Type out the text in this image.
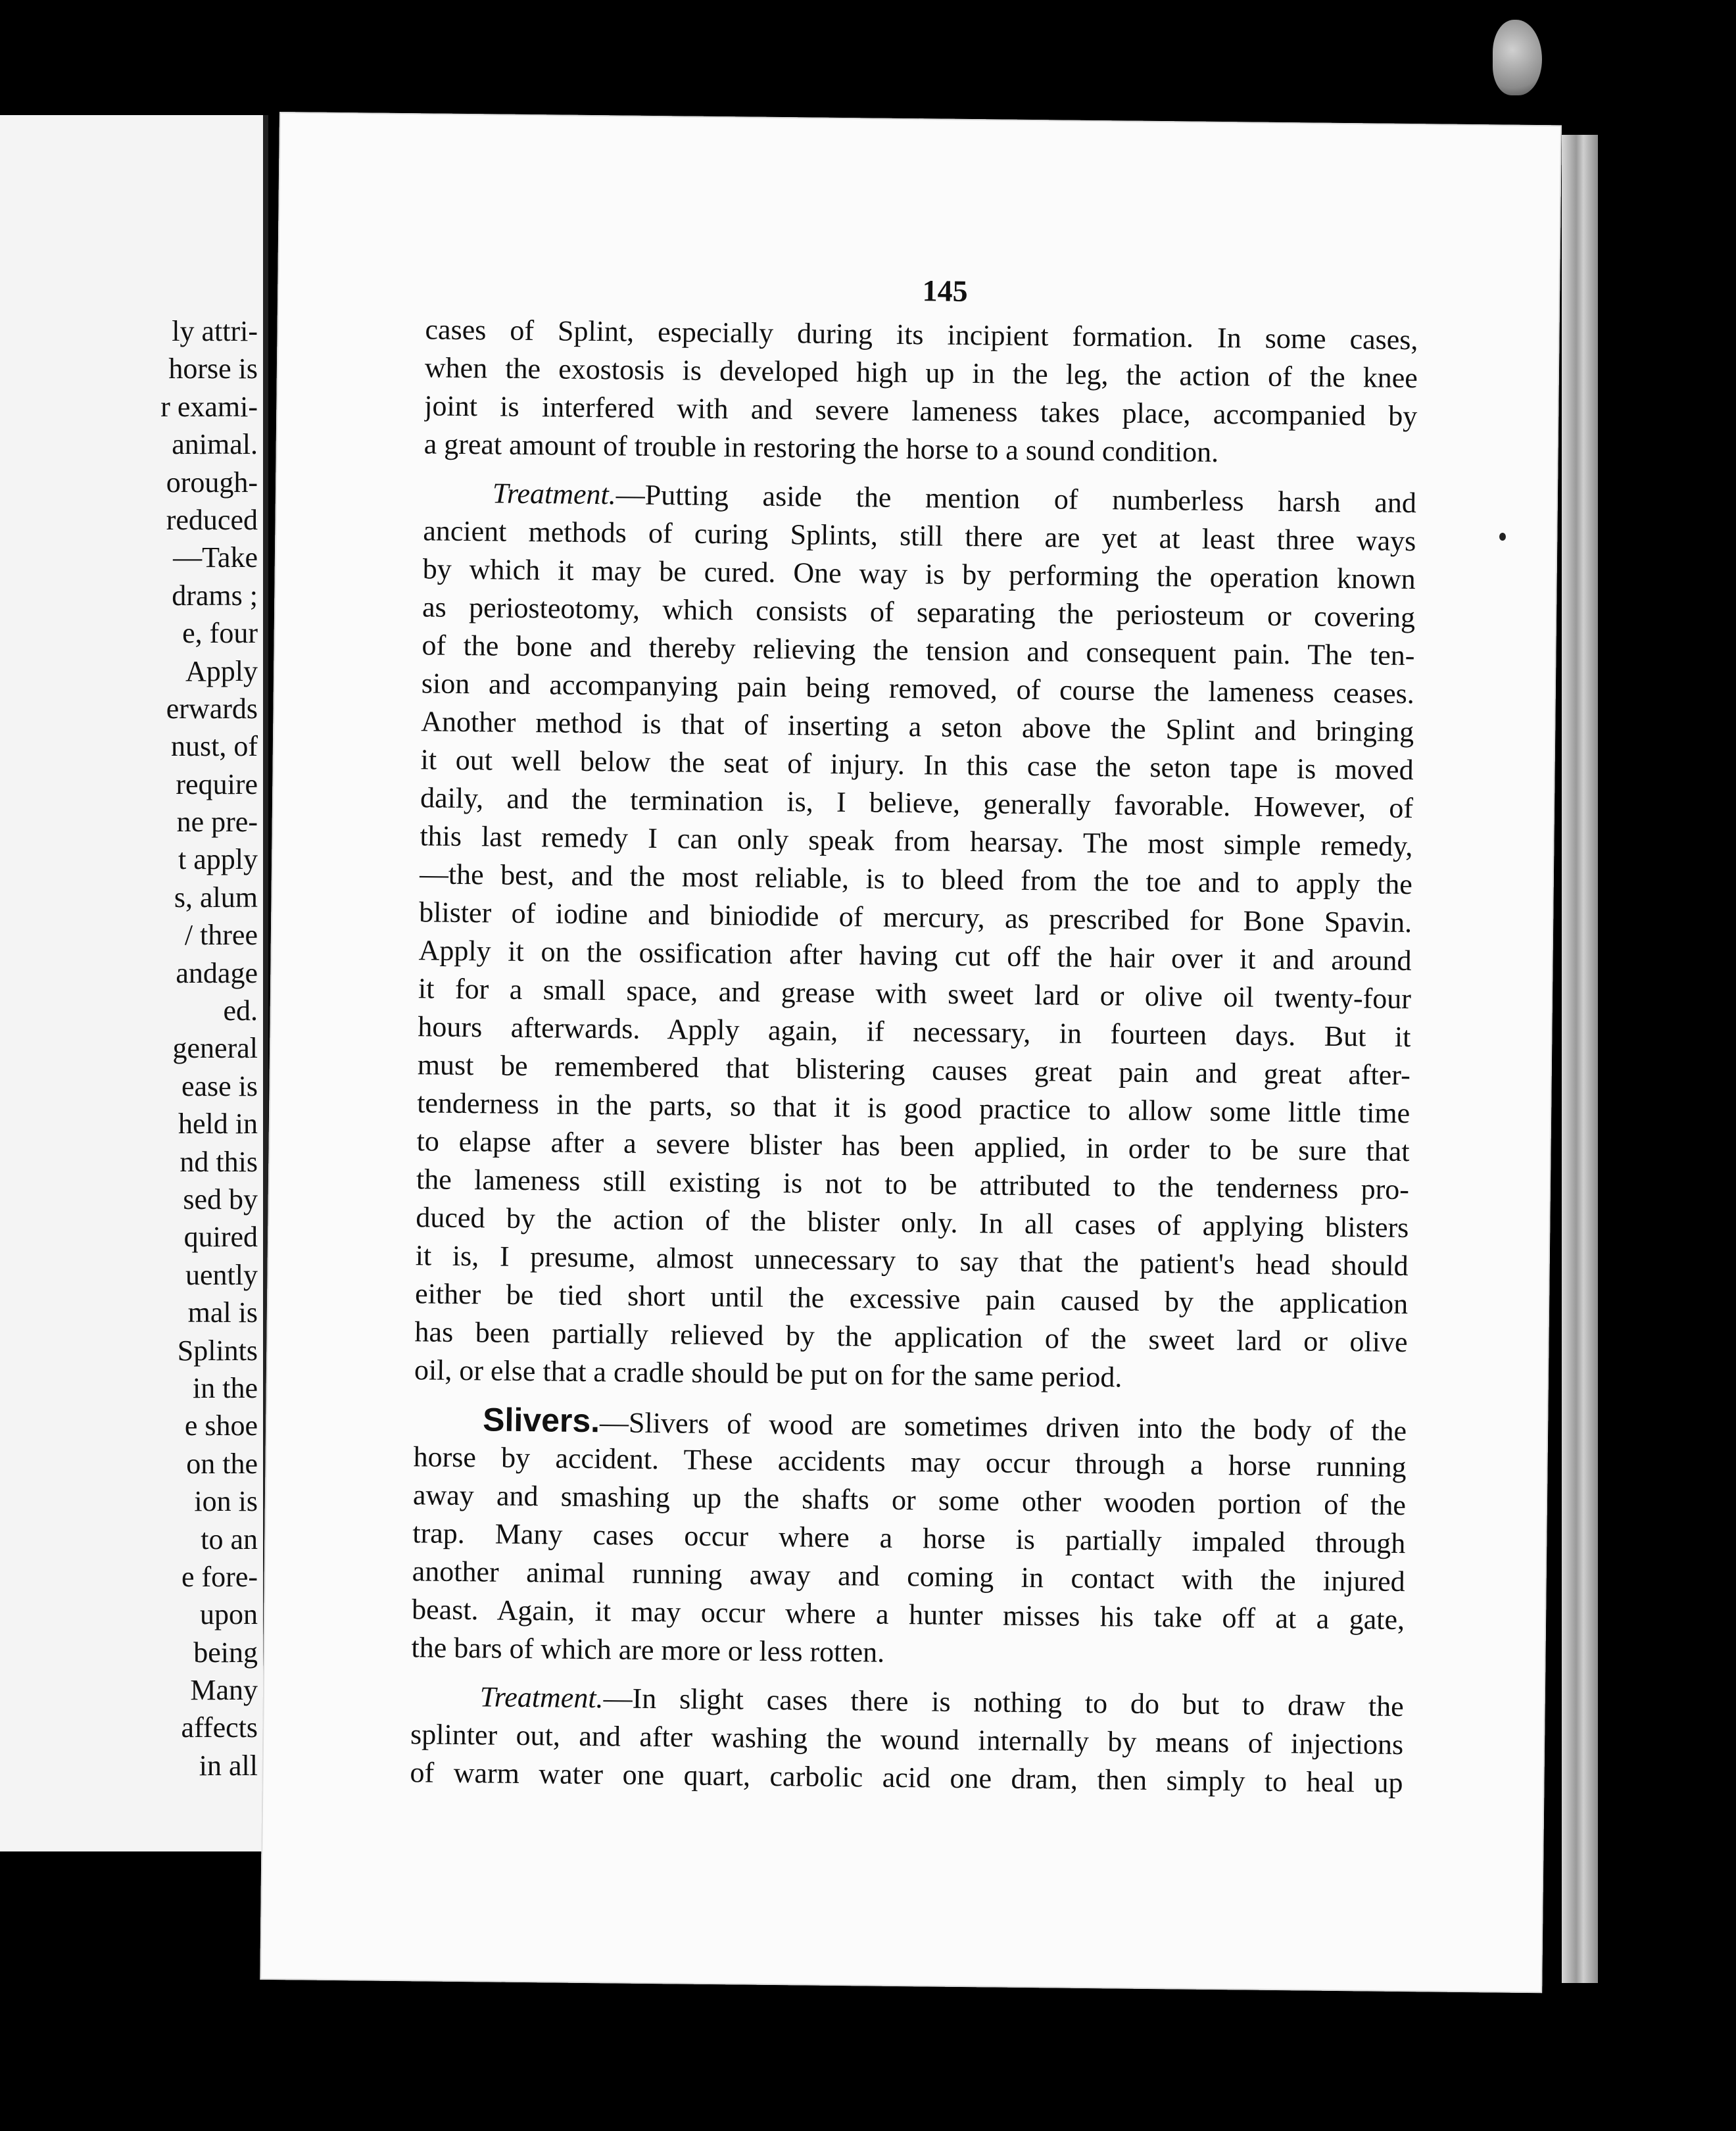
ly attri-
horse is
r exami-
animal.
orough-
reduced
—Take
drams ;
e, four
Apply
erwards
nust, of
require
ne pre-
t apply
s, alum
/ three
andage
ed.
general
ease is
held in
nd this
sed by
quired
uently
mal is
Splints
in the
e shoe
on the
ion is
to an
e fore-
upon
being
Many
affects
in all
145
cases of Splint, especially during its incipient formation. In some cases,
when the exostosis is developed high up in the leg, the action of the knee
joint is interfered with and severe lameness takes place, accompanied by
a great amount of trouble in restoring the horse to a sound condition.
Treatment.—Putting aside the mention of numberless harsh and
ancient methods of curing Splints, still there are yet at least three ways
by which it may be cured. One way is by performing the operation known
as periosteotomy, which consists of separating the periosteum or covering
of the bone and thereby relieving the tension and consequent pain. The ten-
sion and accompanying pain being removed, of course the lameness ceases.
Another method is that of inserting a seton above the Splint and bringing
it out well below the seat of injury. In this case the seton tape is moved
daily, and the termination is, I believe, generally favorable. However, of
this last remedy I can only speak from hearsay. The most simple remedy,
—the best, and the most reliable, is to bleed from the toe and to apply the
blister of iodine and biniodide of mercury, as prescribed for Bone Spavin.
Apply it on the ossification after having cut off the hair over it and around
it for a small space, and grease with sweet lard or olive oil twenty-four
hours afterwards. Apply again, if necessary, in fourteen days. But it
must be remembered that blistering causes great pain and great after-
tenderness in the parts, so that it is good practice to allow some little time
to elapse after a severe blister has been applied, in order to be sure that
the lameness still existing is not to be attributed to the tenderness pro-
duced by the action of the blister only. In all cases of applying blisters
it is, I presume, almost unnecessary to say that the patient's head should
either be tied short until the excessive pain caused by the application
has been partially relieved by the application of the sweet lard or olive
oil, or else that a cradle should be put on for the same period.
Slivers.—Slivers of wood are sometimes driven into the body of the
horse by accident. These accidents may occur through a horse running
away and smashing up the shafts or some other wooden portion of the
trap. Many cases occur where a horse is partially impaled through
another animal running away and coming in contact with the injured
beast. Again, it may occur where a hunter misses his take off at a gate,
the bars of which are more or less rotten.
Treatment.—In slight cases there is nothing to do but to draw the
splinter out, and after washing the wound internally by means of injections
of warm water one quart, carbolic acid one dram, then simply to heal up
